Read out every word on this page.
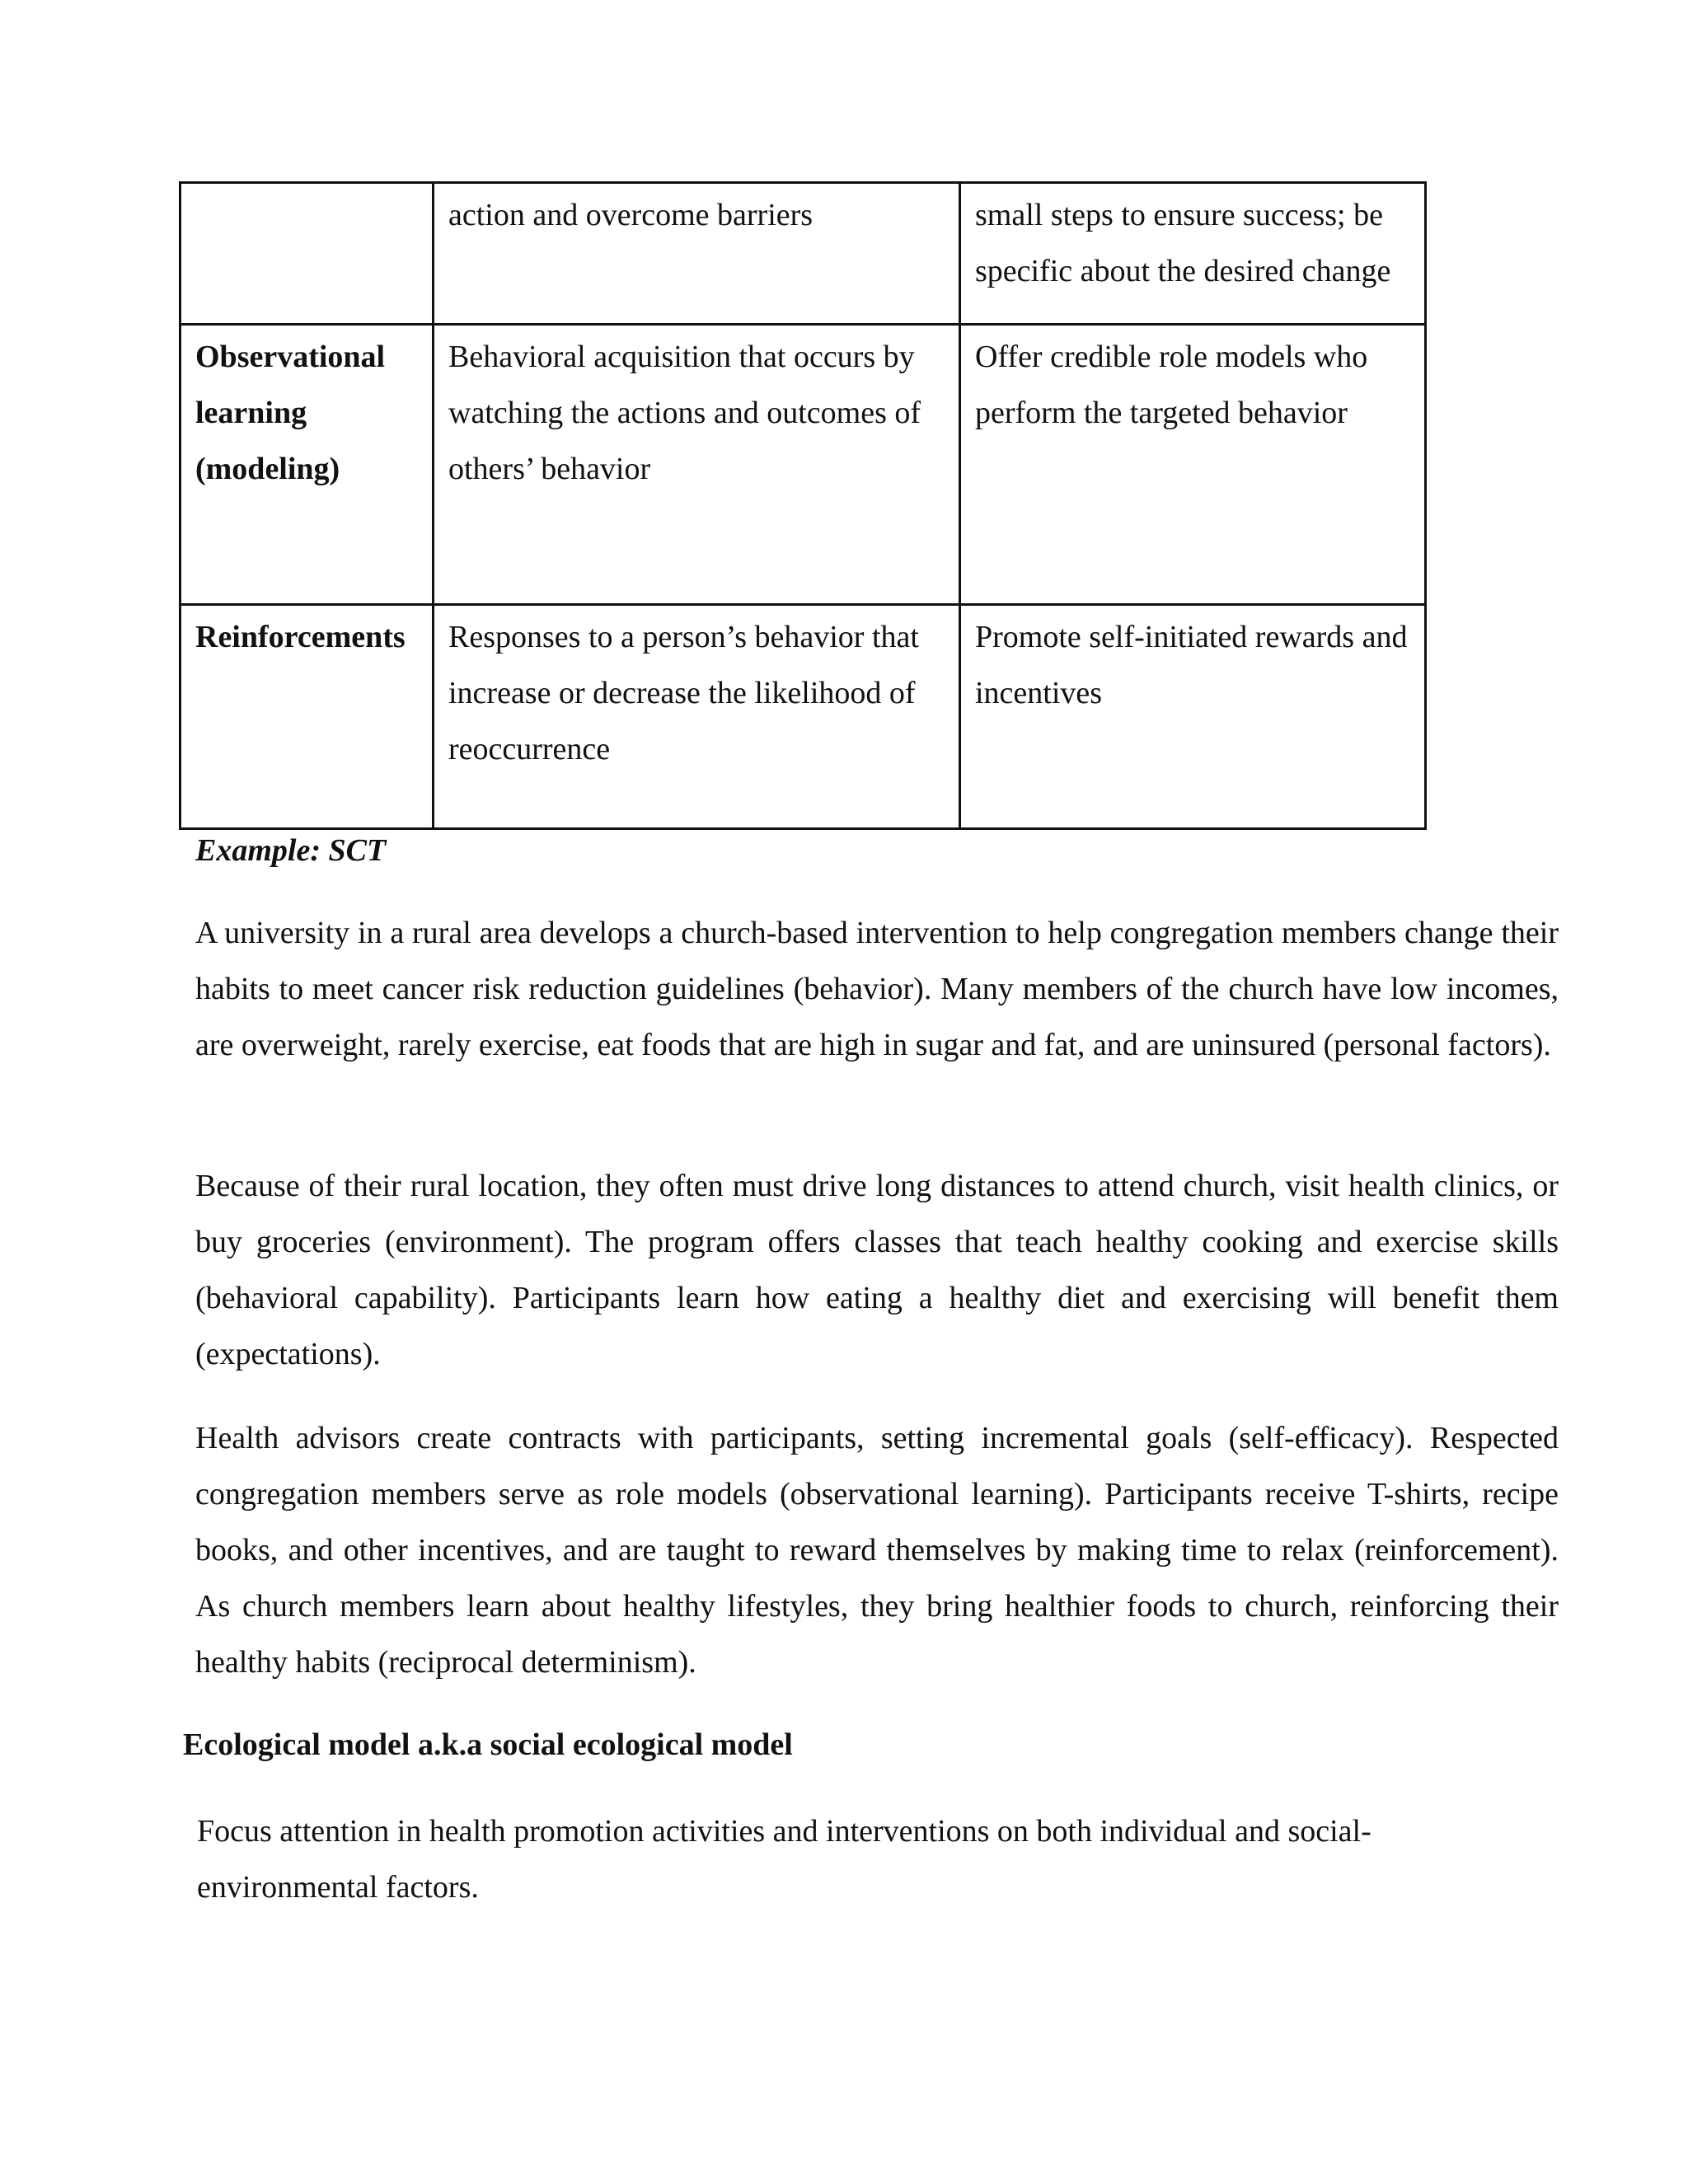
	action and overcome barriers	small steps to ensure success; be specific about the desired change
Observational learning (modeling)	Behavioral acquisition that occurs by watching the actions and outcomes of others’ behavior	Offer credible role models who perform the targeted behavior
Reinforcements	Responses to a person’s behavior that increase or decrease the likelihood of reoccurrence	Promote self-initiated rewards and incentives
Example: SCT

A university in a rural area develops a church-based intervention to help congregation members change their habits to meet cancer risk reduction guidelines (behavior). Many members of the church have low incomes, are overweight, rarely exercise, eat foods that are high in sugar and fat, and are uninsured (personal factors).

Because of their rural location, they often must drive long distances to attend church, visit health clinics, or buy groceries (environment). The program offers classes that teach healthy cooking and exercise skills (behavioral capability). Participants learn how eating a healthy diet and exercising will benefit them (expectations).

Health advisors create contracts with participants, setting incremental goals (self-efficacy). Respected congregation members serve as role models (observational learning). Participants receive T-shirts, recipe books, and other incentives, and are taught to reward themselves by making time to relax (reinforcement). As church members learn about healthy lifestyles, they bring healthier foods to church, reinforcing their healthy habits (reciprocal determinism).

Ecological model a.k.a social ecological model

Focus attention in health promotion activities and interventions on both individual and social-environmental factors.
